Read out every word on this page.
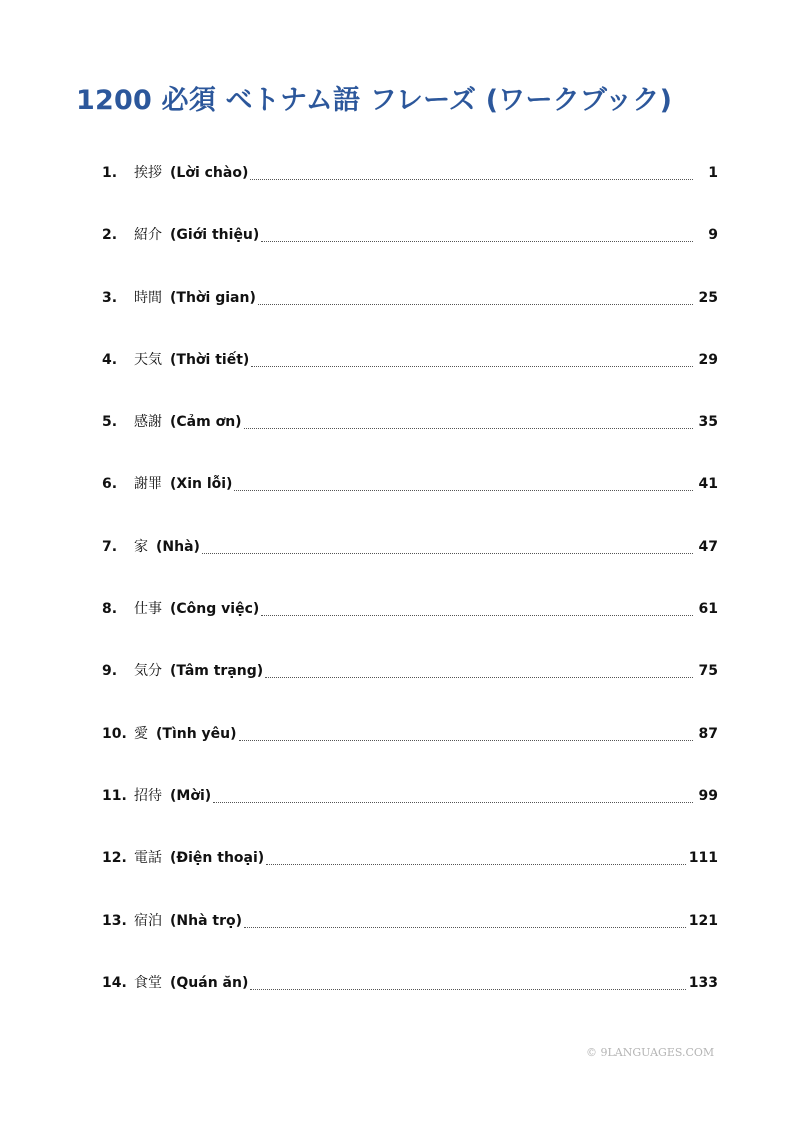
1200 必須 ベトナム語 フレーズ (ワークブック)
1.	挨拶 (Lời chào)	1
2.	紹介 (Giới thiệu)	9
3.	時間 (Thời gian)	25
4.	天気 (Thời tiết)	29
5.	感謝 (Cảm ơn)	35
6.	謝罪 (Xin lỗi)	41
7.	家 (Nhà)	47
8.	仕事 (Công việc)	61
9.	気分 (Tâm trạng)	75
10. 愛 (Tình yêu)	87
11. 招待 (Mời)	99
12. 電話 (Điện thoại)	111
13. 宿泊 (Nhà trọ)	121
14. 食堂 (Quán ăn)	133
© 9LANGUAGES.COM
